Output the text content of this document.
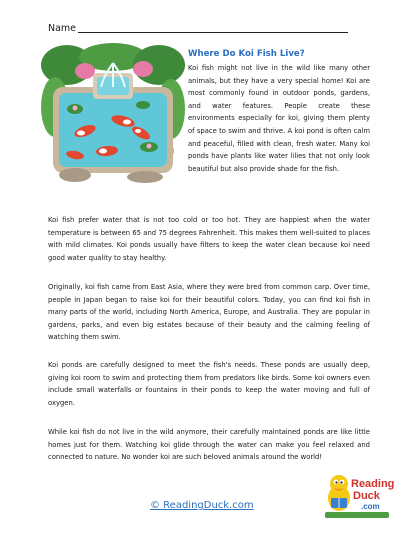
Name
Where Do Koi Fish Live?

Koi fish might not live in the wild like many other animals, but they have a very special home! Koi are most commonly found in outdoor ponds, gardens, and water features. People create these environments especially for koi, giving them plenty of space to swim and thrive. A koi pond is often calm and peaceful, filled with clean, fresh water. Many koi ponds have plants like water lilies that not only look beautiful but also provide shade for the fish.

Koi fish prefer water that is not too cold or too hot. They are happiest when the water temperature is between 65 and 75 degrees Fahrenheit. This makes them well-suited to places with mild climates. Koi ponds usually have filters to keep the water clean because koi need good water quality to stay healthy.

Originally, koi fish came from East Asia, where they were bred from common carp. Over time, people in Japan began to raise koi for their beautiful colors. Today, you can find koi fish in many parts of the world, including North America, Europe, and Australia. They are popular in gardens, parks, and even big estates because of their beauty and the calming feeling of watching them swim.

Koi ponds are carefully designed to meet the fish's needs. These ponds are usually deep, giving koi room to swim and protecting them from predators like birds. Some koi owners even include small waterfalls or fountains in their ponds to keep the water moving and full of oxygen.

While koi fish do not live in the wild anymore, their carefully maintained ponds are like little homes just for them. Watching koi glide through the water can make you feel relaxed and connected to nature. No wonder koi are such beloved animals around the world!

© ReadingDuck.com
Reading
Duck
.com
